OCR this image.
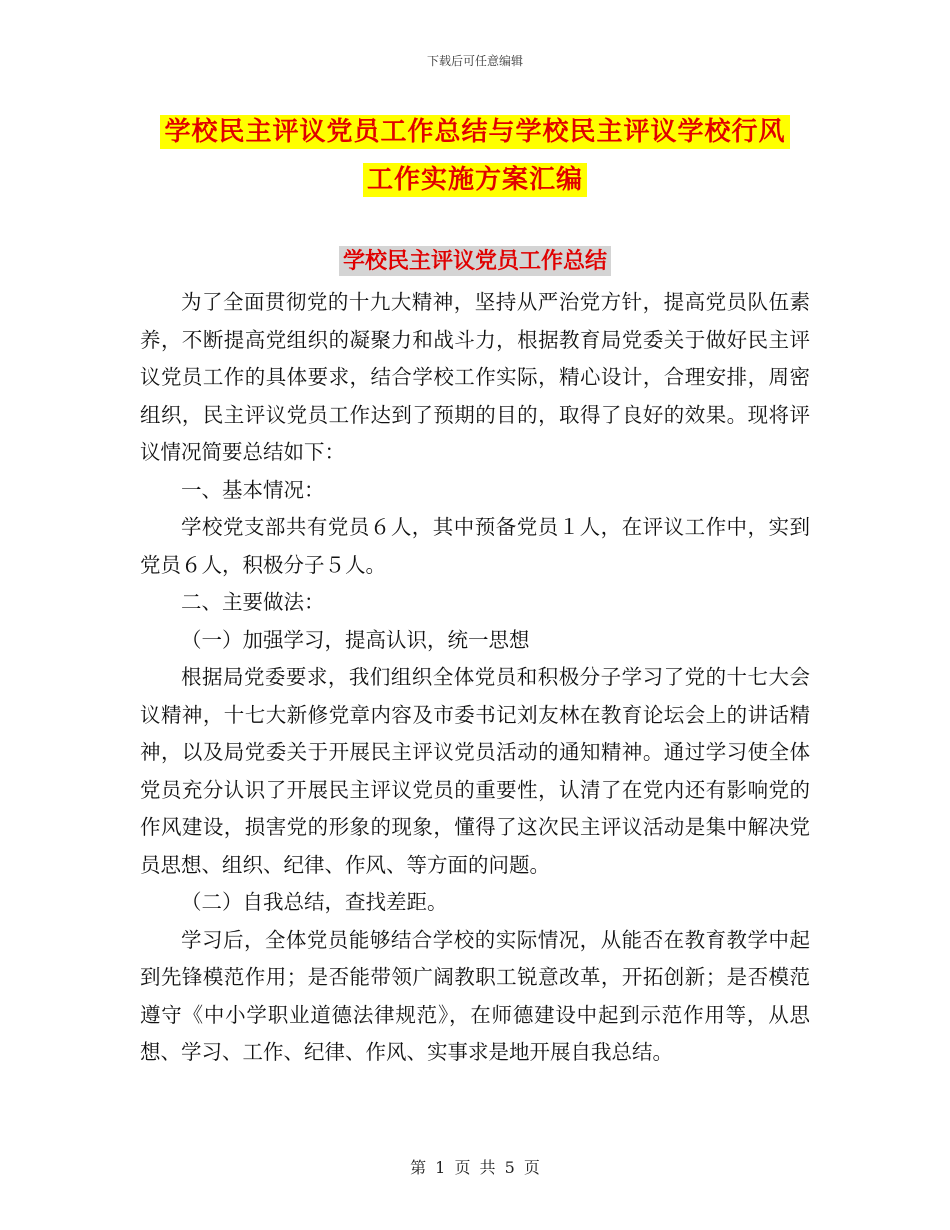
下载后可任意编辑
学校民主评议党员工作总结与学校民主评议学校行风
工作实施方案汇编
学校民主评议党员工作总结

为了全面贯彻党的十九大精神，坚持从严治党方针，提高党员队伍素养，不断提高党组织的凝聚力和战斗力，根据教育局党委关于做好民主评议党员工作的具体要求，结合学校工作实际，精心设计，合理安排，周密组织，民主评议党员工作达到了预期的目的，取得了良好的效果。现将评议情况简要总结如下：

一、基本情况：

学校党支部共有党员６人，其中预备党员１人，在评议工作中，实到党员６人，积极分子５人。

二、主要做法：

（一）加强学习，提高认识，统一思想

根据局党委要求，我们组织全体党员和积极分子学习了党的十七大会议精神，十七大新修党章内容及市委书记刘友林在教育论坛会上的讲话精神，以及局党委关于开展民主评议党员活动的通知精神。通过学习使全体党员充分认识了开展民主评议党员的重要性，认清了在党内还有影响党的作风建设，损害党的形象的现象，懂得了这次民主评议活动是集中解决党员思想、组织、纪律、作风、等方面的问题。

（二）自我总结，查找差距。

学习后，全体党员能够结合学校的实际情况，从能否在教育教学中起到先锋模范作用；是否能带领广阔教职工锐意改革，开拓创新；是否模范遵守《中小学职业道德法律规范》，在师德建设中起到示范作用等，从思想、学习、工作、纪律、作风、实事求是地开展自我总结。

第 1 页 共 5 页
